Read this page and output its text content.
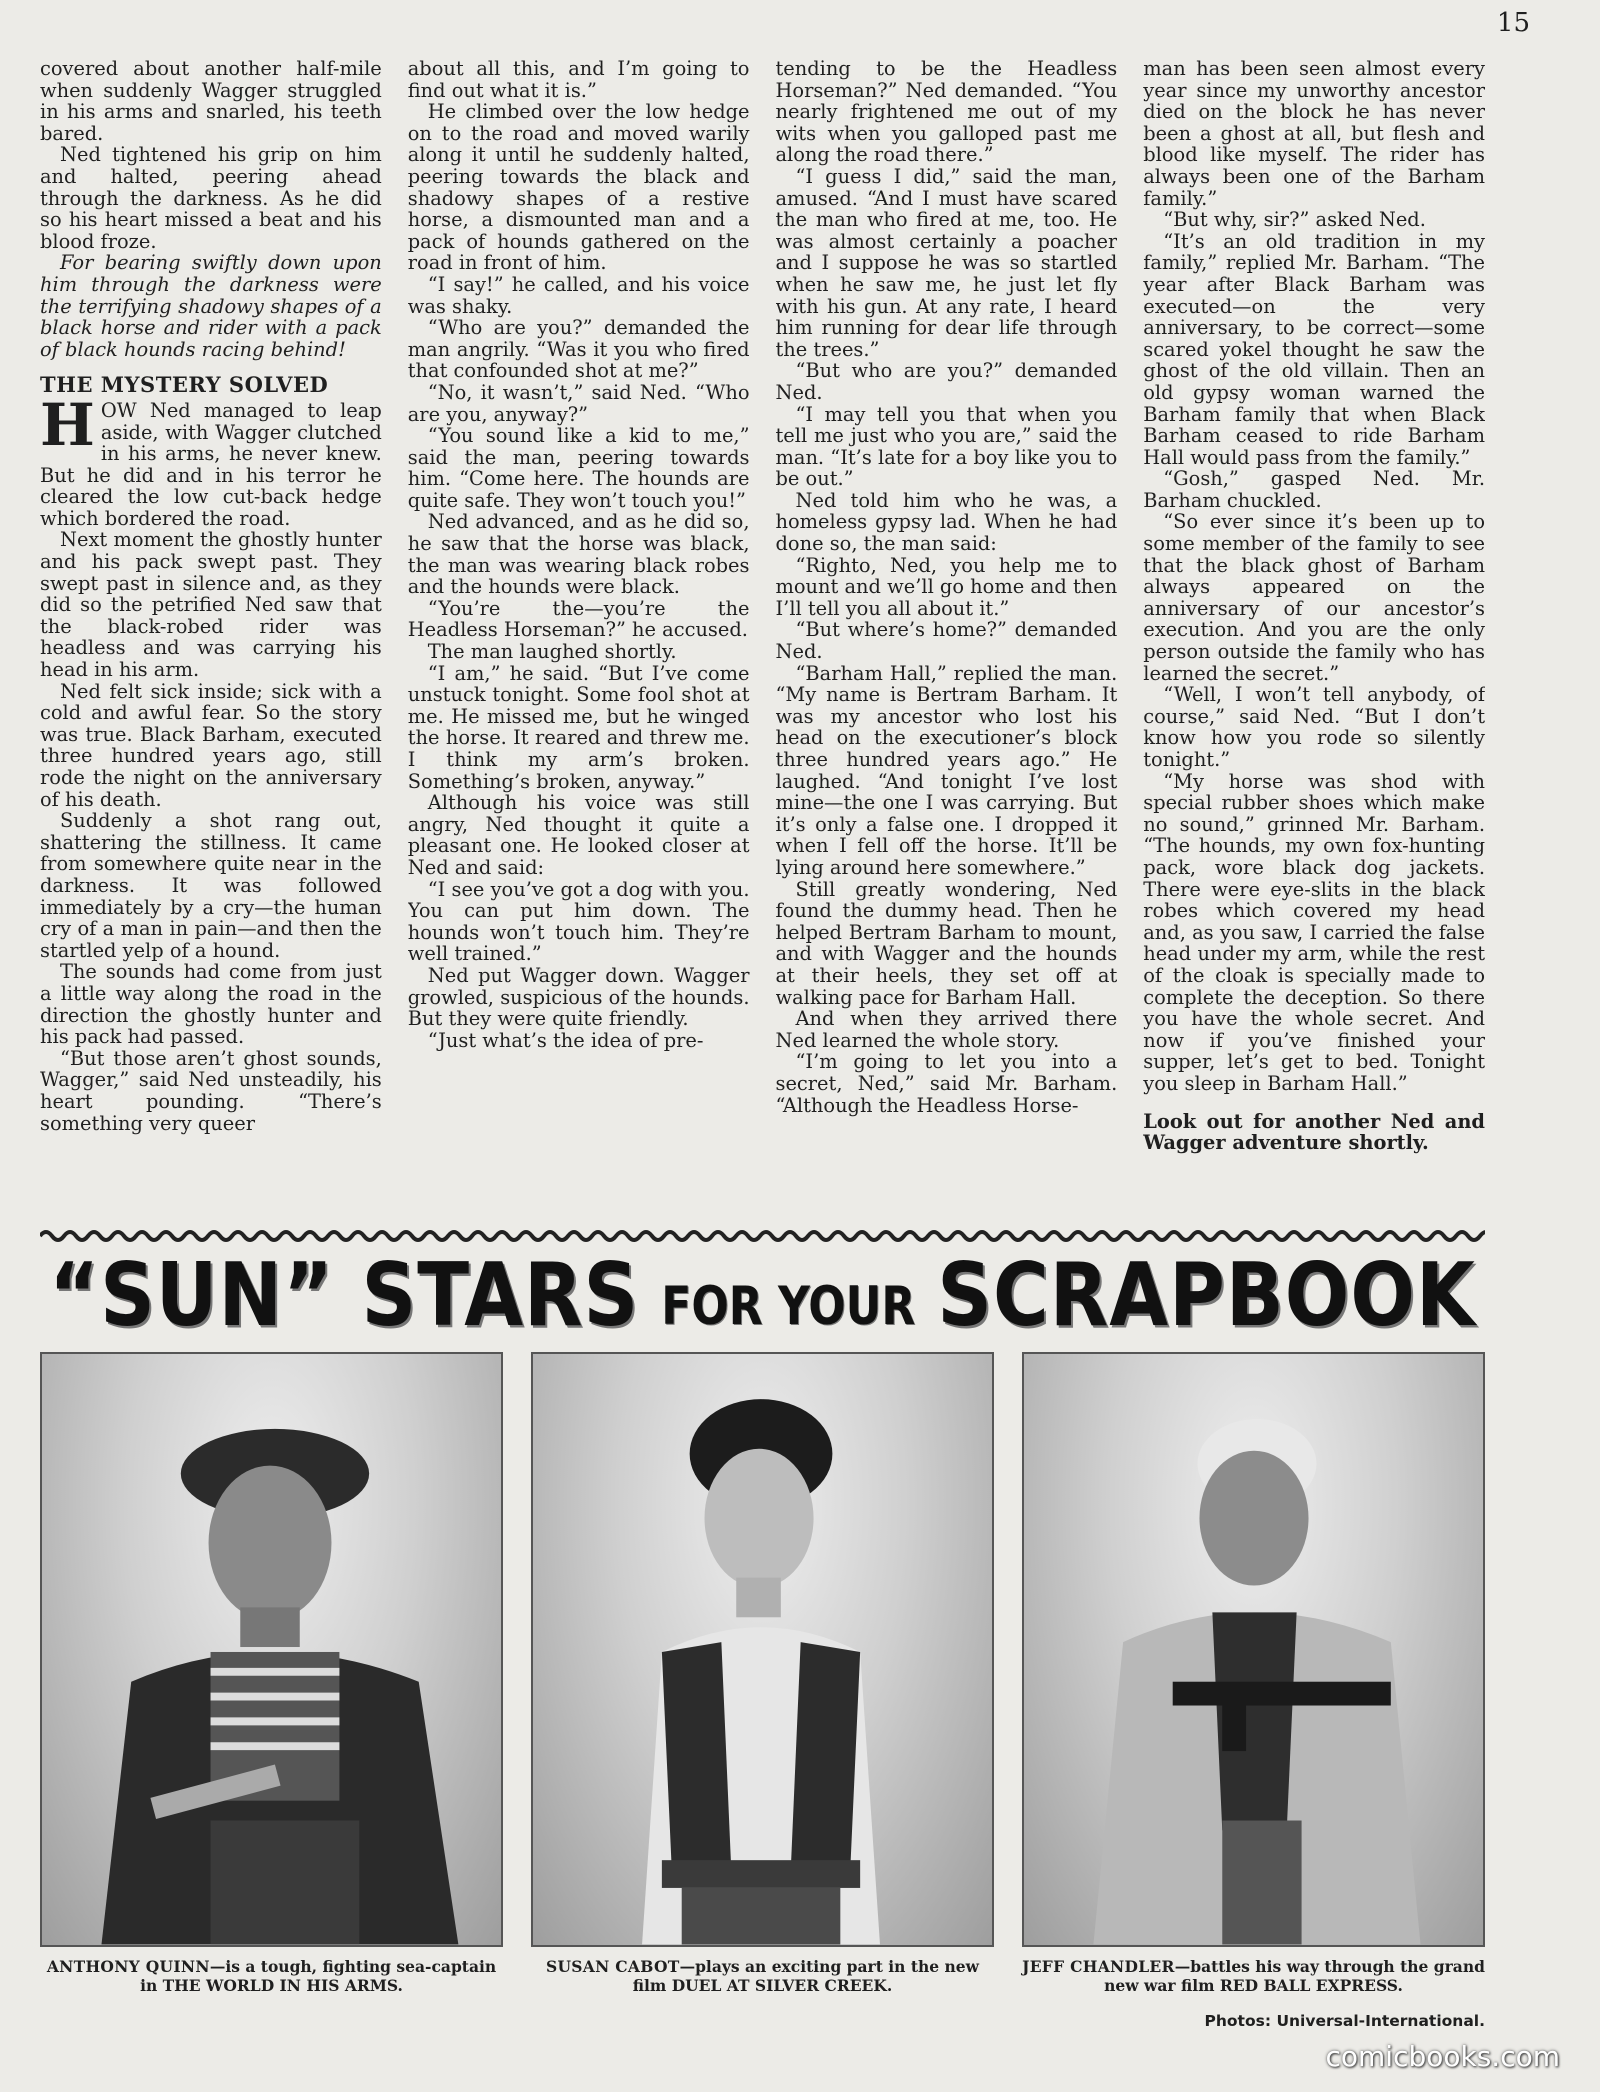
15

covered about another half-mile when suddenly Wagger struggled in his arms and snarled, his teeth bared.

Ned tightened his grip on him and halted, peering ahead through the darkness. As he did so his heart missed a beat and his blood froze.

For bearing swiftly down upon him through the darkness were the terrifying shadowy shapes of a black horse and rider with a pack of black hounds racing behind!

THE MYSTERY SOLVED

HOW Ned managed to leap aside, with Wagger clutched in his arms, he never knew. But he did and in his terror he cleared the low cut-back hedge which bordered the road.

Next moment the ghostly hunter and his pack swept past. They swept past in silence and, as they did so the petrified Ned saw that the black-robed rider was headless and was carrying his head in his arm.

Ned felt sick inside; sick with a cold and awful fear. So the story was true. Black Barham, executed three hundred years ago, still rode the night on the anniversary of his death.

Suddenly a shot rang out, shattering the stillness. It came from somewhere quite near in the darkness. It was followed immediately by a cry—the human cry of a man in pain—and then the startled yelp of a hound.

The sounds had come from just a little way along the road in the direction the ghostly hunter and his pack had passed.

“But those aren’t ghost sounds, Wagger,” said Ned unsteadily, his heart pounding. “There’s something very queer

about all this, and I’m going to find out what it is.”

He climbed over the low hedge on to the road and moved warily along it until he suddenly halted, peering towards the black and shadowy shapes of a restive horse, a dismounted man and a pack of hounds gathered on the road in front of him.

“I say!” he called, and his voice was shaky.

“Who are you?” demanded the man angrily. “Was it you who fired that confounded shot at me?”

“No, it wasn’t,” said Ned. “Who are you, anyway?”

“You sound like a kid to me,” said the man, peering towards him. “Come here. The hounds are quite safe. They won’t touch you!”

Ned advanced, and as he did so, he saw that the horse was black, the man was wearing black robes and the hounds were black.

“You’re the—you’re the Headless Horseman?” he accused.

The man laughed shortly.

“I am,” he said. “But I’ve come unstuck tonight. Some fool shot at me. He missed me, but he winged the horse. It reared and threw me. I think my arm’s broken. Something’s broken, anyway.”

Although his voice was still angry, Ned thought it quite a pleasant one. He looked closer at Ned and said:

“I see you’ve got a dog with you. You can put him down. The hounds won’t touch him. They’re well trained.”

Ned put Wagger down. Wagger growled, suspicious of the hounds. But they were quite friendly.

“Just what’s the idea of pre-

tending to be the Headless Horseman?” Ned demanded. “You nearly frightened me out of my wits when you galloped past me along the road there.”

“I guess I did,” said the man, amused. “And I must have scared the man who fired at me, too. He was almost certainly a poacher and I suppose he was so startled when he saw me, he just let fly with his gun. At any rate, I heard him running for dear life through the trees.”

“But who are you?” demanded Ned.

“I may tell you that when you tell me just who you are,” said the man. “It’s late for a boy like you to be out.”

Ned told him who he was, a homeless gypsy lad. When he had done so, the man said:

“Righto, Ned, you help me to mount and we’ll go home and then I’ll tell you all about it.”

“But where’s home?” demanded Ned.

“Barham Hall,” replied the man. “My name is Bertram Barham. It was my ancestor who lost his head on the executioner’s block three hundred years ago.” He laughed. “And tonight I’ve lost mine—the one I was carrying. But it’s only a false one. I dropped it when I fell off the horse. It’ll be lying around here somewhere.”

Still greatly wondering, Ned found the dummy head. Then he helped Bertram Barham to mount, and with Wagger and the hounds at their heels, they set off at walking pace for Barham Hall.

And when they arrived there Ned learned the whole story.

“I’m going to let you into a secret, Ned,” said Mr. Barham. “Although the Headless Horse-

man has been seen almost every year since my unworthy ancestor died on the block he has never been a ghost at all, but flesh and blood like myself. The rider has always been one of the Barham family.”

“But why, sir?” asked Ned.

“It’s an old tradition in my family,” replied Mr. Barham. “The year after Black Barham was executed—on the very anniversary, to be correct—some scared yokel thought he saw the ghost of the old villain. Then an old gypsy woman warned the Barham family that when Black Barham ceased to ride Barham Hall would pass from the family.”

“Gosh,” gasped Ned. Mr. Barham chuckled.

“So ever since it’s been up to some member of the family to see that the black ghost of Barham always appeared on the anniversary of our ancestor’s execution. And you are the only person outside the family who has learned the secret.”

“Well, I won’t tell anybody, of course,” said Ned. “But I don’t know how you rode so silently tonight.”

“My horse was shod with special rubber shoes which make no sound,” grinned Mr. Barham. “The hounds, my own fox-hunting pack, wore black dog jackets. There were eye-slits in the black robes which covered my head and, as you saw, I carried the false head under my arm, while the rest of the cloak is specially made to complete the deception. So there you have the whole secret. And now if you’ve finished your supper, let’s get to bed. Tonight you sleep in Barham Hall.”

Look out for another Ned and Wagger adventure shortly.

“SUN” STARS FOR YOUR SCRAPBOOK
ANTHONY QUINN—is a tough, fighting sea-captain in THE WORLD IN HIS ARMS.
SUSAN CABOT—plays an exciting part in the new film DUEL AT SILVER CREEK.
JEFF CHANDLER—battles his way through the grand new war film RED BALL EXPRESS.
Photos: Universal-International.
comicbooks.com
